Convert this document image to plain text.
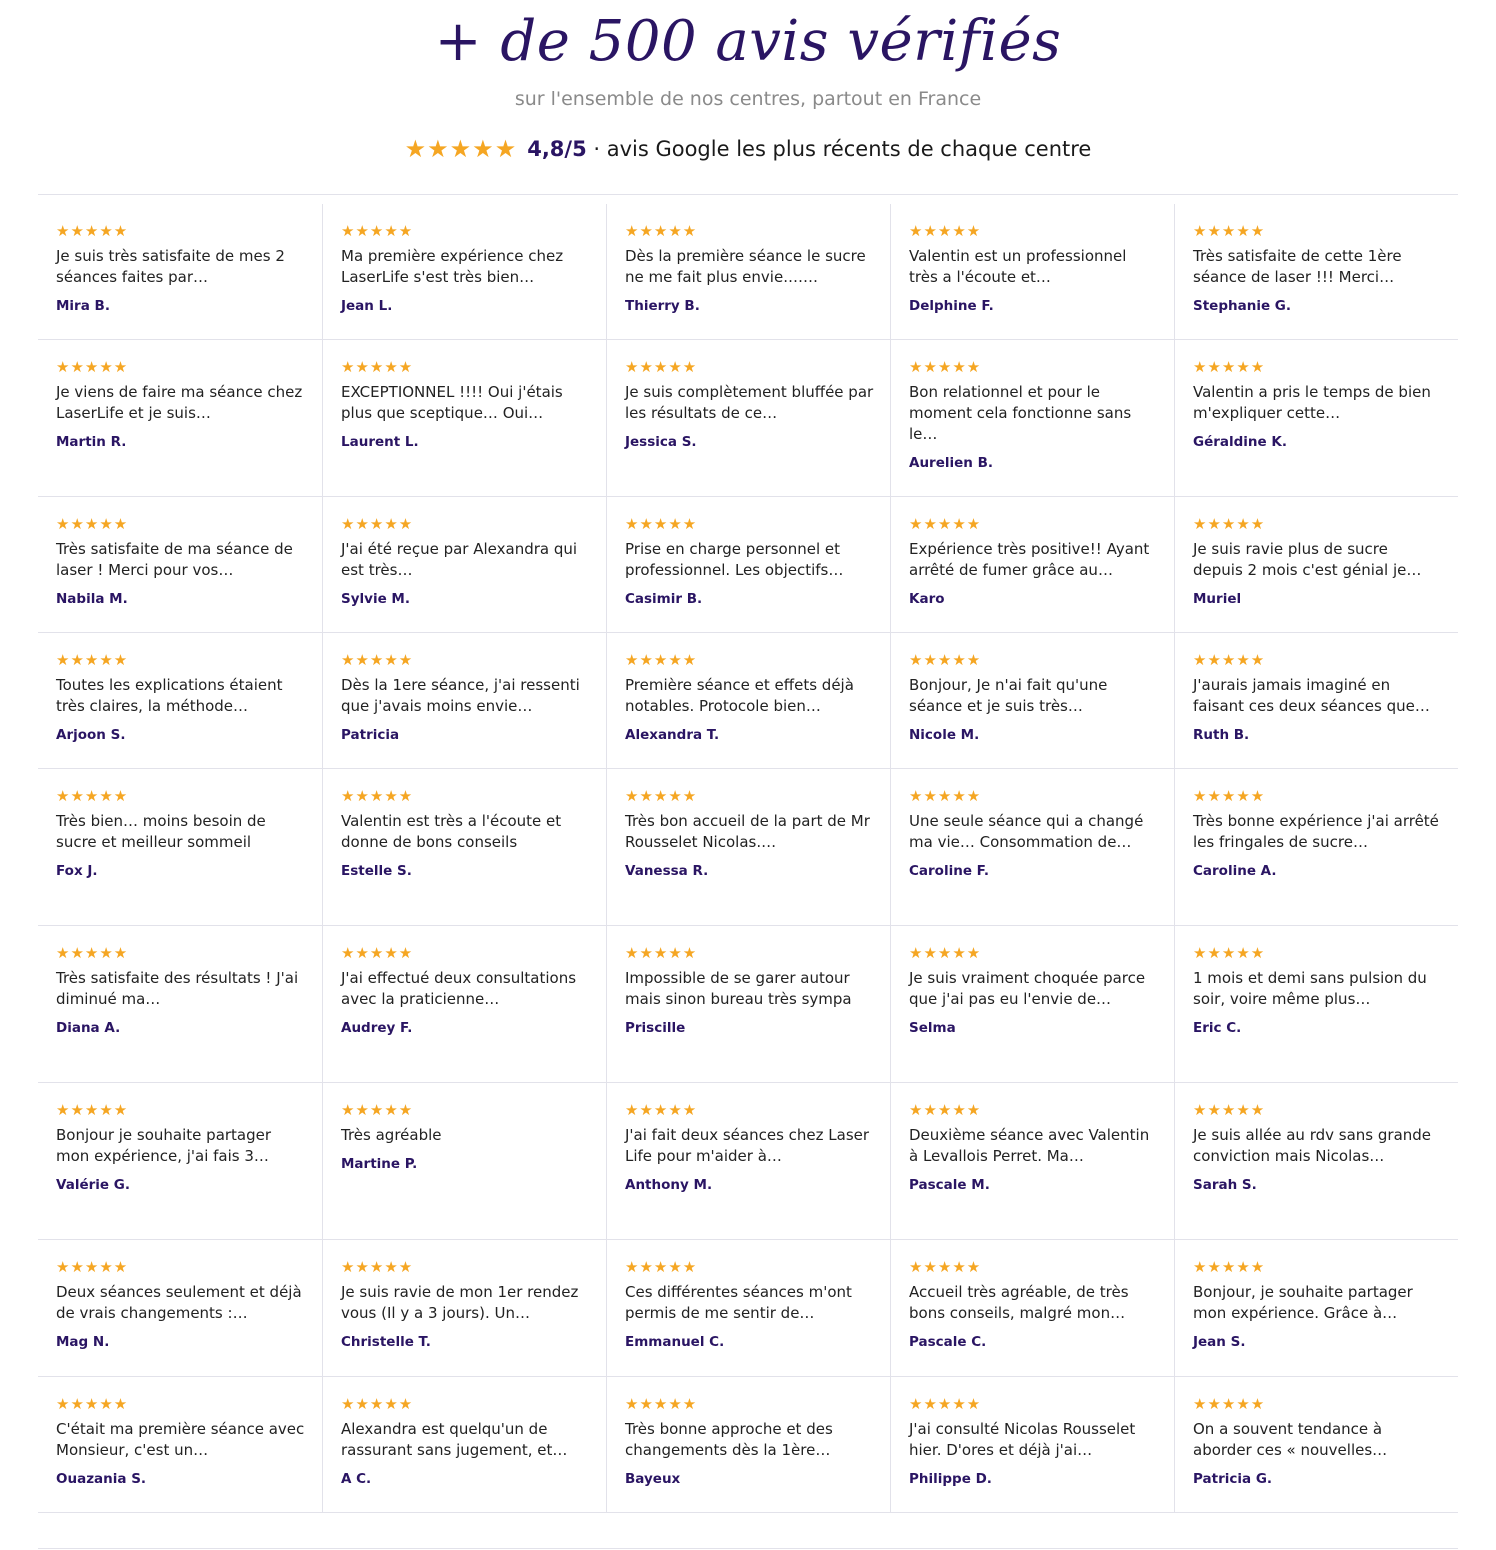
+ de 500 avis vérifiés
sur l'ensemble de nos centres, partout en France
★★★★★ 4,8/5 · avis Google les plus récents de chaque centre
★★★★★
Je suis très satisfaite de mes 2 séances faites par…
Mira B.
★★★★★
Ma première expérience chez LaserLife s'est très bien…
Jean L.
★★★★★
Dès la première séance le sucre ne me fait plus envie.……
Thierry B.
★★★★★
Valentin est un professionnel très a l'écoute et…
Delphine F.
★★★★★
Très satisfaite de cette 1ère séance de laser !!! Merci…
Stephanie G.
★★★★★
Je viens de faire ma séance chez LaserLife et je suis…
Martin R.
★★★★★
EXCEPTIONNEL !!!! Oui j'étais plus que sceptique… Oui…
Laurent L.
★★★★★
Je suis complètement bluffée par les résultats de ce…
Jessica S.
★★★★★
Bon relationnel et pour le moment cela fonctionne sans le…
Aurelien B.
★★★★★
Valentin a pris le temps de bien m'expliquer cette…
Géraldine K.
★★★★★
Très satisfaite de ma séance de laser ! Merci pour vos…
Nabila M.
★★★★★
J'ai été reçue par Alexandra qui est très…
Sylvie M.
★★★★★
Prise en charge personnel et professionnel. Les objectifs…
Casimir B.
★★★★★
Expérience très positive!! Ayant arrêté de fumer grâce au…
Karo
★★★★★
Je suis ravie plus de sucre depuis 2 mois c'est génial je…
Muriel
★★★★★
Toutes les explications étaient très claires, la méthode…
Arjoon S.
★★★★★
Dès la 1ere séance, j'ai ressenti que j'avais moins envie…
Patricia
★★★★★
Première séance et effets déjà notables. Protocole bien…
Alexandra T.
★★★★★
Bonjour, Je n'ai fait qu'une séance et je suis très…
Nicole M.
★★★★★
J'aurais jamais imaginé en faisant ces deux séances que…
Ruth B.
★★★★★
Très bien… moins besoin de sucre et meilleur sommeil
Fox J.
★★★★★
Valentin est très a l'écoute et donne de bons conseils
Estelle S.
★★★★★
Très bon accueil de la part de Mr Rousselet Nicolas.…
Vanessa R.
★★★★★
Une seule séance qui a changé ma vie… Consommation de…
Caroline F.
★★★★★
Très bonne expérience j'ai arrêté les fringales de sucre…
Caroline A.
★★★★★
Très satisfaite des résultats ! J'ai diminué ma…
Diana A.
★★★★★
J'ai effectué deux consultations avec la praticienne…
Audrey F.
★★★★★
Impossible de se garer autour mais sinon bureau très sympa
Priscille
★★★★★
Je suis vraiment choquée parce que j'ai pas eu l'envie de…
Selma
★★★★★
1 mois et demi sans pulsion du soir, voire même plus…
Eric C.
★★★★★
Bonjour je souhaite partager mon expérience, j'ai fais 3…
Valérie G.
★★★★★
Très agréable
Martine P.
★★★★★
J'ai fait deux séances chez Laser Life pour m'aider à…
Anthony M.
★★★★★
Deuxième séance avec Valentin à Levallois Perret. Ma…
Pascale M.
★★★★★
Je suis allée au rdv sans grande conviction mais Nicolas…
Sarah S.
★★★★★
Deux séances seulement et déjà de vrais changements :…
Mag N.
★★★★★
Je suis ravie de mon 1er rendez vous (Il y a 3 jours). Un…
Christelle T.
★★★★★
Ces différentes séances m'ont permis de me sentir de…
Emmanuel C.
★★★★★
Accueil très agréable, de très bons conseils, malgré mon…
Pascale C.
★★★★★
Bonjour, je souhaite partager mon expérience. Grâce à…
Jean S.
★★★★★
C'était ma première séance avec Monsieur, c'est un…
Ouazania S.
★★★★★
Alexandra est quelqu'un de rassurant sans jugement, et…
A C.
★★★★★
Très bonne approche et des changements dès la 1ère…
Bayeux
★★★★★
J'ai consulté Nicolas Rousselet hier. D'ores et déjà j'ai…
Philippe D.
★★★★★
On a souvent tendance à aborder ces « nouvelles…
Patricia G.
